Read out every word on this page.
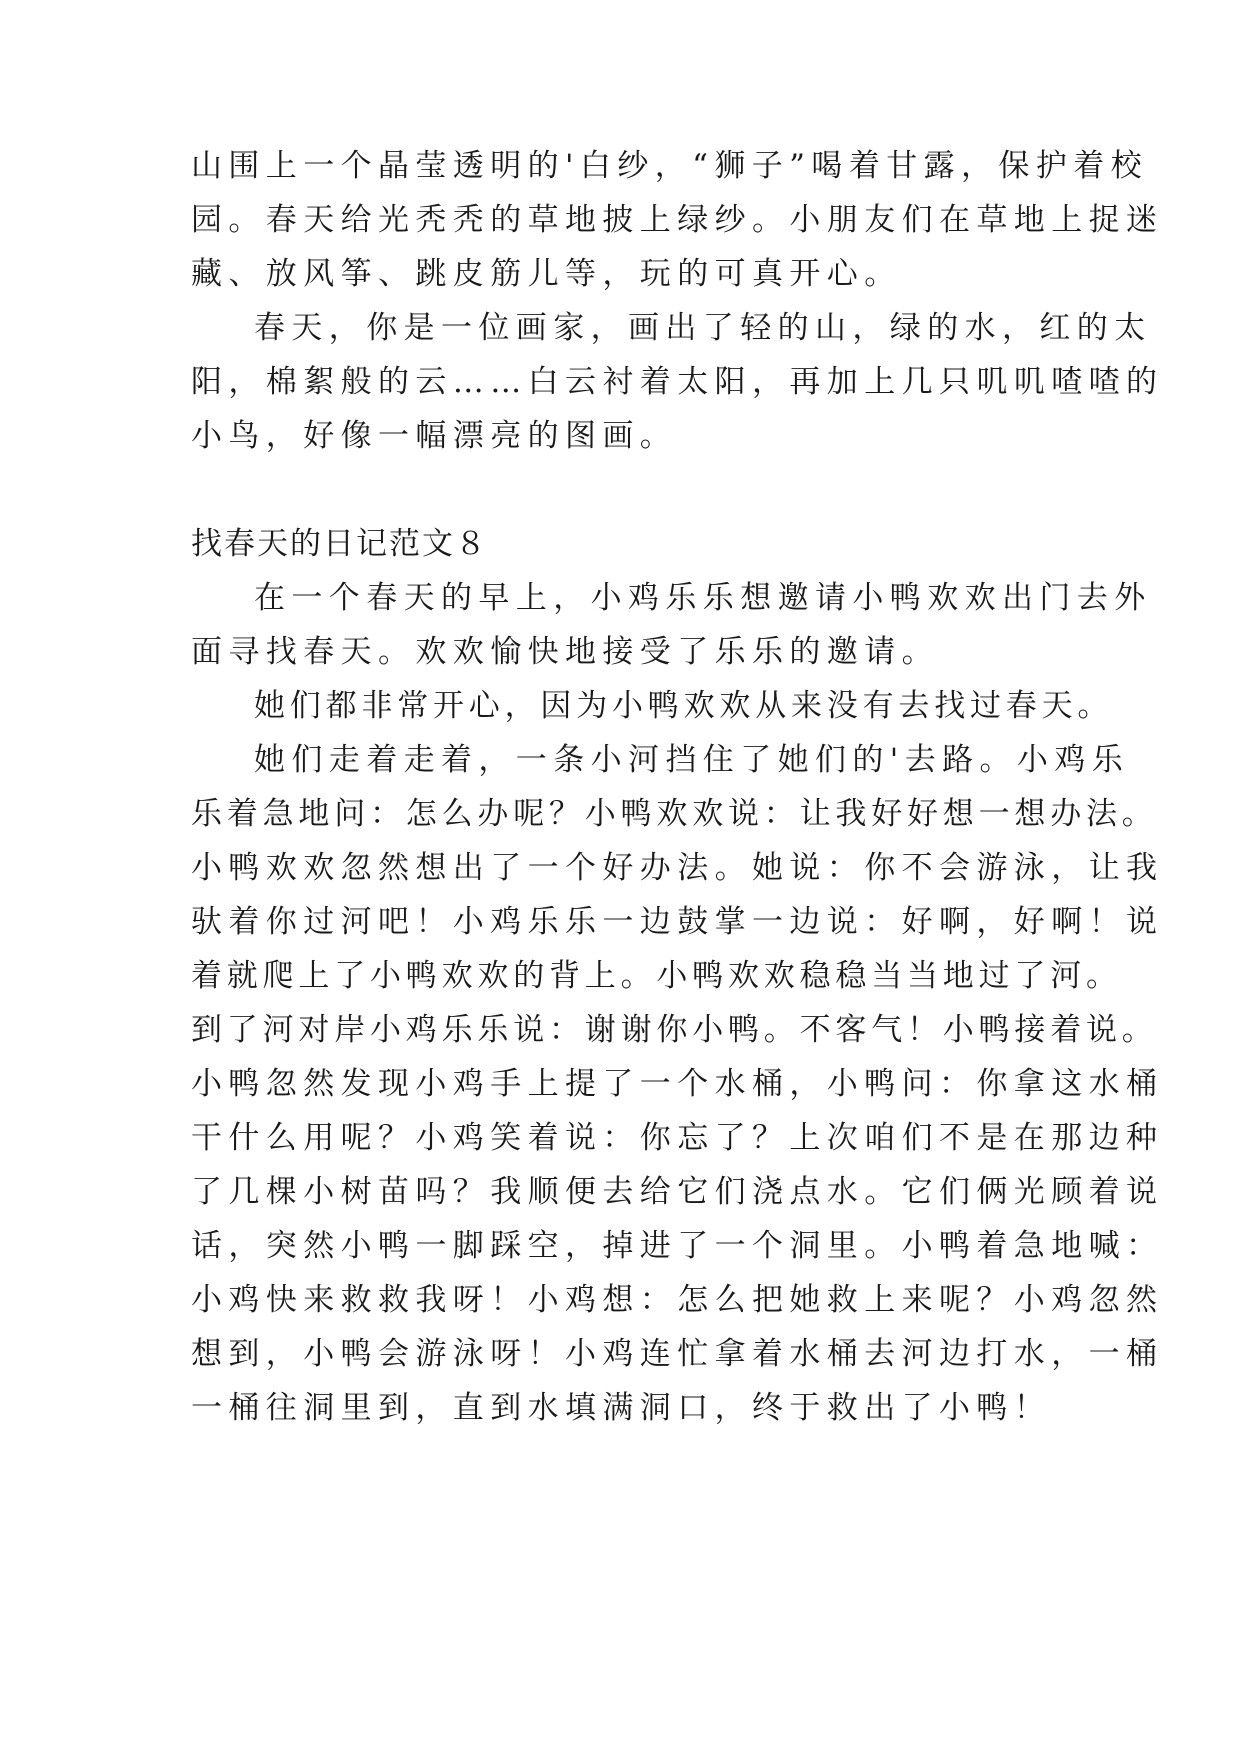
山围上一个晶莹透明的'白纱，“狮子”喝着甘露，保护着校
园。春天给光秃秃的草地披上绿纱。小朋友们在草地上捉迷
藏、放风筝、跳皮筋儿等，玩的可真开心。
春天，你是一位画家，画出了轻的山，绿的水，红的太
阳，棉絮般的云……白云衬着太阳，再加上几只叽叽喳喳的
小鸟，好像一幅漂亮的图画。
找春天的日记范文８
在一个春天的早上，小鸡乐乐想邀请小鸭欢欢出门去外
面寻找春天。欢欢愉快地接受了乐乐的邀请。
她们都非常开心，因为小鸭欢欢从来没有去找过春天。
她们走着走着，一条小河挡住了她们的'去路。小鸡乐
乐着急地问：怎么办呢？小鸭欢欢说：让我好好想一想办法。
小鸭欢欢忽然想出了一个好办法。她说：你不会游泳，让我
驮着你过河吧！小鸡乐乐一边鼓掌一边说：好啊，好啊！说
着就爬上了小鸭欢欢的背上。小鸭欢欢稳稳当当地过了河。
到了河对岸小鸡乐乐说：谢谢你小鸭。不客气！小鸭接着说。
小鸭忽然发现小鸡手上提了一个水桶，小鸭问：你拿这水桶
干什么用呢？小鸡笑着说：你忘了？上次咱们不是在那边种
了几棵小树苗吗？我顺便去给它们浇点水。它们俩光顾着说
话，突然小鸭一脚踩空，掉进了一个洞里。小鸭着急地喊：
小鸡快来救救我呀！小鸡想：怎么把她救上来呢？小鸡忽然
想到，小鸭会游泳呀！小鸡连忙拿着水桶去河边打水，一桶
一桶往洞里到，直到水填满洞口，终于救出了小鸭！
